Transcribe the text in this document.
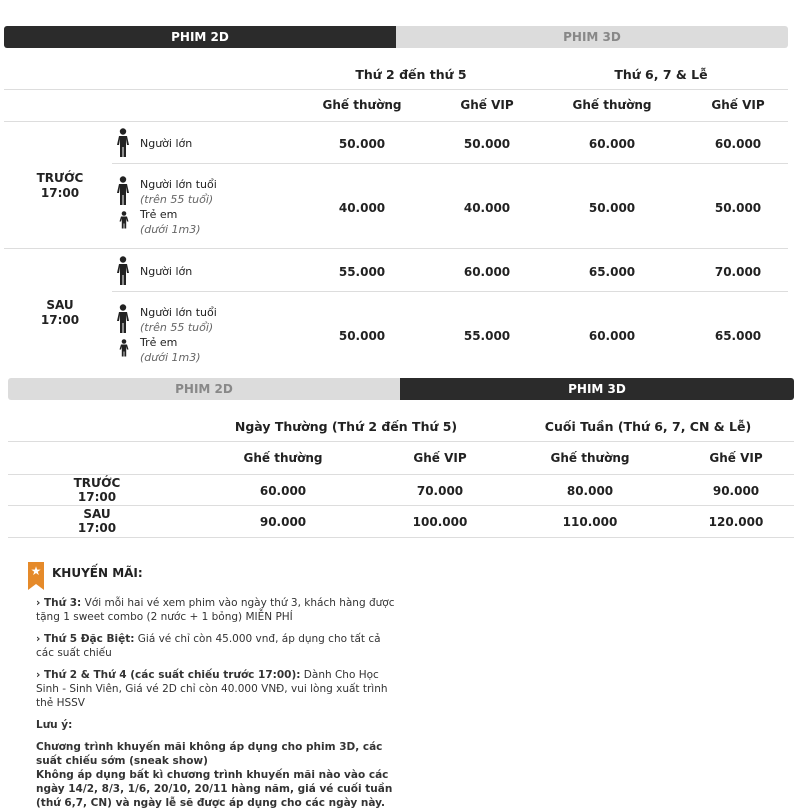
PHIM 2D	PHIM 3D
Thứ 2 đến thứ 5	Thứ 6, 7 & Lễ
Ghế thường	Ghế VIP	Ghế thường	Ghế VIP
TRƯỚC
17:00
Người lớn	50.000	50.000	60.000	60.000
Người lớn tuổi
(trên 55 tuổi)
Trẻ em
(dưới 1m3)
40.000	40.000	50.000	50.000
SAU
17:00
Người lớn	55.000	60.000	65.000	70.000
Người lớn tuổi
(trên 55 tuổi)
Trẻ em
(dưới 1m3)
50.000	55.000	60.000	65.000
PHIM 2D	PHIM 3D
Ngày Thường (Thứ 2 đến Thứ 5)	Cuối Tuần (Thứ 6, 7, CN & Lễ)
Ghế thường	Ghế VIP	Ghế thường	Ghế VIP
TRƯỚC
17:00	60.000	70.000	80.000	90.000
SAU
17:00	90.000	100.000	110.000	120.000
★ KHUYẾN MÃI:
› Thứ 3: Với mỗi hai vé xem phim vào ngày thứ 3, khách hàng được tặng 1 sweet combo (2 nước + 1 bỏng) MIỄN PHÍ
› Thứ 5 Đặc Biệt: Giá vé chỉ còn 45.000 vnđ, áp dụng cho tất cả các suất chiếu
› Thứ 2 & Thứ 4 (các suất chiếu trước 17:00): Dành Cho Học Sinh - Sinh Viên, Giá vé 2D chỉ còn 40.000 VNĐ, vui lòng xuất trình thẻ HSSV
Lưu ý:
Chương trình khuyến mãi không áp dụng cho phim 3D, các suất chiếu sớm (sneak show)
Không áp dụng bất kì chương trình khuyến mãi nào vào các ngày 14/2, 8/3, 1/6, 20/10, 20/11 hàng năm, giá vé cuối tuần (thứ 6,7, CN) và ngày lễ sẽ được áp dụng cho các ngày này.
